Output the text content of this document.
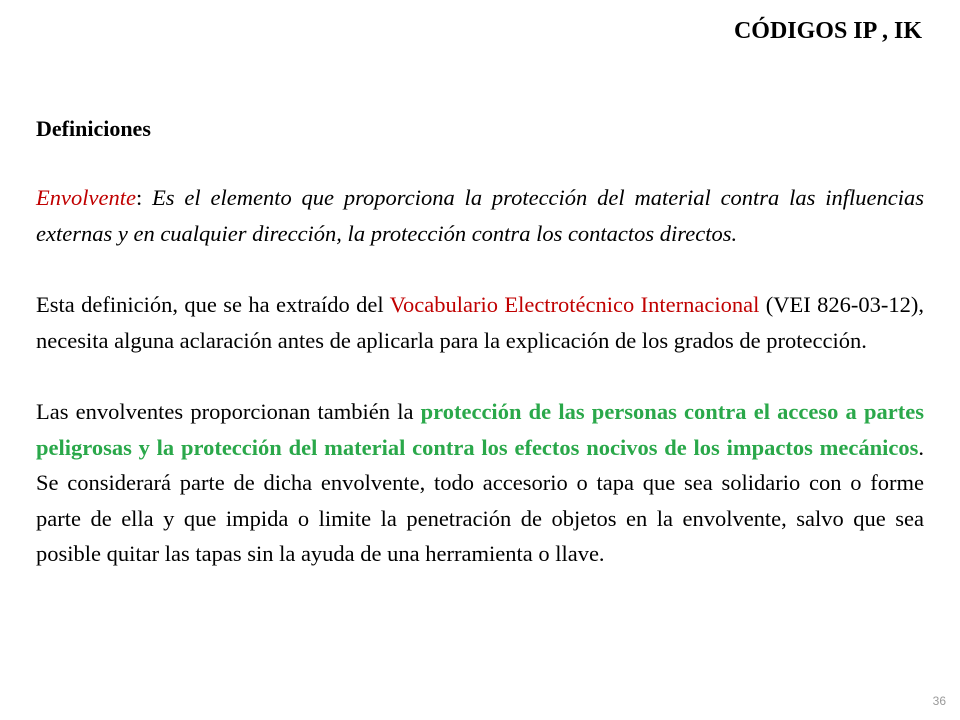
CÓDIGOS IP , IK
Definiciones

Envolvente: Es el elemento que proporciona la protección del material contra las influencias externas y en cualquier dirección, la protección contra los contactos directos.

Esta definición, que se ha extraído del Vocabulario Electrotécnico Internacional (VEI 826-03-12), necesita alguna aclaración antes de aplicarla para la explicación de los grados de protección.

Las envolventes proporcionan también la protección de las personas contra el acceso a partes peligrosas y la protección del material contra los efectos nocivos de los impactos mecánicos. Se considerará parte de dicha envolvente, todo accesorio o tapa que sea solidario con o forme parte de ella y que impida o limite la penetración de objetos en la envolvente, salvo que sea posible quitar las tapas sin la ayuda de una herramienta o llave.

36
